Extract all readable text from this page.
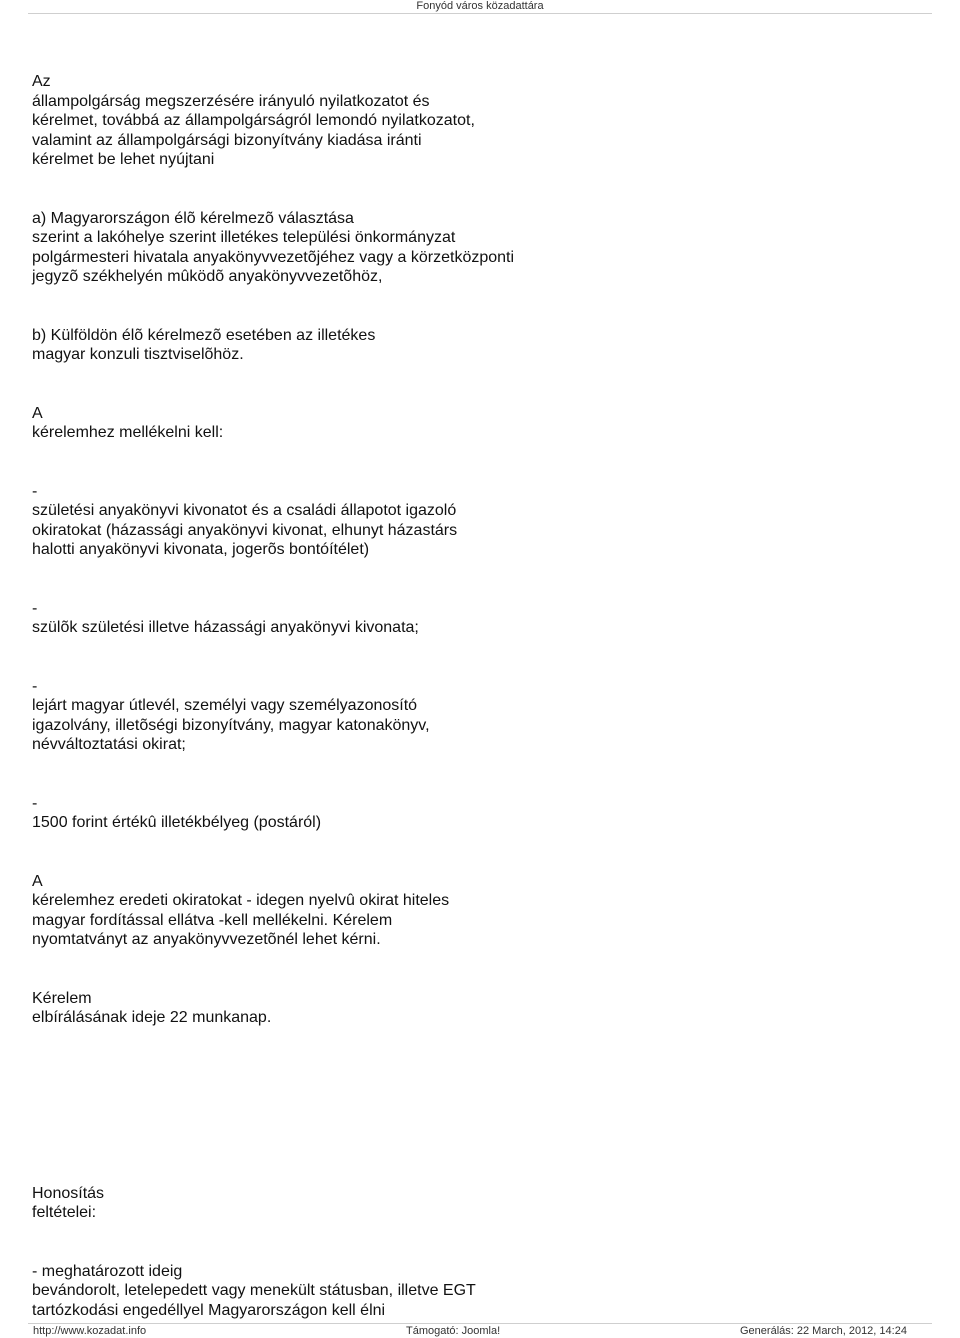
Fonyód város közadattára

Az
állampolgárság megszerzésére irányuló nyilatkozatot és
kérelmet, továbbá az állampolgárságról lemondó nyilatkozatot,
valamint az állampolgársági bizonyítvány kiadása iránti
kérelmet be lehet nyújtani

a) Magyarországon élõ kérelmezõ választása
szerint a lakóhelye szerint illetékes települési önkormányzat
polgármesteri hivatala anyakönyvvezetõjéhez vagy a körzetközponti
jegyzõ székhelyén mûködõ anyakönyvvezetõhöz,

b) Külföldön élõ kérelmezõ esetében az illetékes
magyar konzuli tisztviselõhöz.

A
kérelemhez mellékelni kell:

-
születési anyakönyvi kivonatot és a családi állapotot igazoló
okiratokat (házassági anyakönyvi kivonat, elhunyt házastárs
halotti anyakönyvi kivonata, jogerõs bontóítélet)

-
szülõk születési illetve házassági anyakönyvi kivonata;

-
lejárt magyar útlevél, személyi vagy személyazonosító
igazolvány, illetõségi bizonyítvány, magyar katonakönyv,
névváltoztatási okirat;

-
1500 forint értékû illetékbélyeg (postáról)

A
kérelemhez eredeti okiratokat - idegen nyelvû okirat hiteles
magyar fordítással ellátva -kell mellékelni. Kérelem
nyomtatványt az anyakönyvvezetõnél lehet kérni.

Kérelem
elbírálásának ideje 22 munkanap.

Honosítás
feltételei:

- meghatározott ideig
bevándorolt, letelepedett vagy menekült státusban, illetve EGT
tartózkodási engedéllyel Magyarországon kell élni

http://www.kozadat.info	Támogató: Joomla!	Generálás: 22 March, 2012, 14:24
